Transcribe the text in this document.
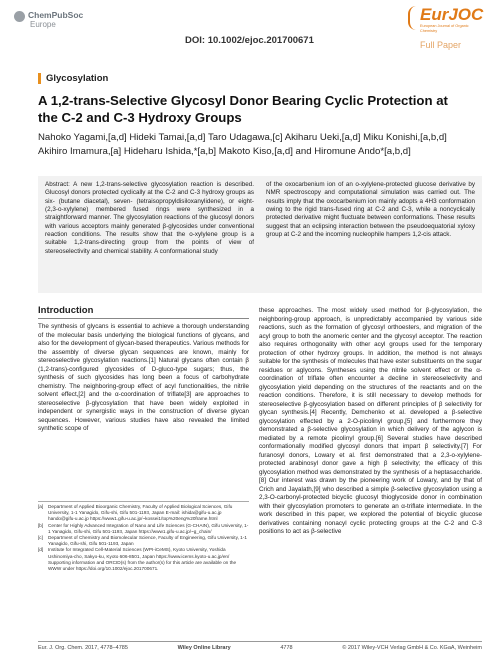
ChemPubSoc
Europe
DOI: 10.1002/ejoc.201700671
EurJOC
European Journal of Organic Chemistry
Full Paper
Glycosylation
A 1,2-trans-Selective Glycosyl Donor Bearing Cyclic Protection at the C-2 and C-3 Hydroxy Groups
Nahoko Yagami,[a,d] Hideki Tamai,[a,d] Taro Udagawa,[c] Akiharu Ueki,[a,d] Miku Konishi,[a,b,d] Akihiro Imamura,[a] Hideharu Ishida,*[a,b] Makoto Kiso,[a,d] and Hiromune Ando*[a,b,d]
Abstract: A new 1,2-trans-selective glycosylation reaction is described. Glucosyl donors protected cyclically at the C-2 and C-3 hydroxy groups as six- (butane diacetal), seven- (tetraisopropyldisiloxanylidene), or eight- (2,3-o-xylylene) membered fused rings were synthesized in a straightforward manner. The glycosylation reactions of the glucosyl donors with various acceptors mainly generated β-glycosides under conventional reaction conditions. The results show that the o-xylylene group is a suitable 1,2-trans-directing group from the points of view of stereoselectivity and chemical stability. A conformational study
of the oxocarbenium ion of an o-xylylene-protected glucose derivative by NMR spectroscopy and computational simulation was carried out. The results imply that the oxocarbenium ion mainly adopts a 4H3 conformation owing to the rigid trans-fused ring at C-2 and C-3, while a noncyclically protected derivative might fluctuate between conformations. These results suggest that an eclipsing interaction between the pseudoequatorial xyloxy group at C-2 and the incoming nucleophile hampers 1,2-cis attack.
Introduction
The synthesis of glycans is essential to achieve a thorough understanding of the molecular basis underlying the biological functions of glycans, and also for the development of glycan-based therapeutics. Various methods for the assembly of diverse glycan sequences are known, mainly for stereoselective glycosylation reactions.[1] Natural glycans often contain β (1,2-trans)-configured glycosides of D-gluco-type sugars; thus, the synthesis of such glycosides has long been a focus of carbohydrate chemistry. The neighboring-group effect of acyl functionalities, the nitrile solvent effect,[2] and the α-coordination of triflate[3] are approaches to stereoselective β-glycosylation that have been widely exploited in independent or synergistic ways in the construction of diverse glycan sequences. However, various studies have also revealed the limited synthetic scope of
these approaches. The most widely used method for β-glycosylation, the neighboring-group approach, is unpredictably accompanied by various side reactions, such as the formation of glycosyl orthoesters, and migration of the acyl group to both the anomeric center and the glycosyl acceptor. The reaction also requires orthogonality with other acyl groups used for the temporary protection of other hydroxy groups. In addition, the method is not always suitable for the synthesis of molecules that have ester substituents on the sugar residues or aglycons. Syntheses using the nitrile solvent effect or the α-coordination of triflate often encounter a decline in stereoselectivity and glycosylation yield depending on the structures of the reactants and on the reaction conditions. Therefore, it is still necessary to develop methods for stereoselective β-glycosylation based on different principles of β selectivity for glycan synthesis.[4] Recently, Demchenko et al. developed a β-selective glycosylation effected by a 2-O-picolinyl group,[5] and furthermore they demonstrated a β-selective glycosylation in which delivery of the aglycon is mediated by a remote picolinyl group.[6] Several studies have described conformationally modified glycosyl donors that impart β selectivity.[7] For furanosyl donors, Lowary et al. first demonstrated that a 2,3-o-xylylene-protected arabinosyl donor gave a high β selectivity; the efficacy of this glycosylation method was demonstrated by the synthesis of a heptasaccharide.[8] Our interest was drawn by the pioneering work of Lowary, and by that of Crich and Jayalath,[9] who described a simple β-selective glycosylation using a 2,3-O-carbonyl-protected bicyclic glucosyl thioglycoside donor in combination with their glycosylation promoters to generate an α-triflate intermediate. In the work described in this paper, we explored the potential of bicyclic glucose derivatives containing nonacyl cyclic protecting groups at the C-2 and C-3 positions to act as β-selective
[a]	Department of Applied Bioorganic Chemistry, Faculty of Applied Biological Sciences, Gifu University, 1-1 Yanagido, Gifu-shi, Gifu 501-1193, Japan E-mail: ishida@gifu-u.ac.jp hando@gifu-u.ac.jp https://www1.gifu-u.ac.jp/~kossei1/top%20eng%20frame.html
[b]	Center for Highly Advanced Integration of Nano and Life Sciences (G-CHAIN), Gifu University, 1-1 Yanagido, Gifu-shi, Gifu 501-1193, Japan https://www1.gifu-u.ac.jp/~g_chain/
[c]	Department of Chemistry and Biomolecular Science, Faculty of Engineering, Gifu University, 1-1 Yanagido, Gifu-shi, Gifu 501-1193, Japan
[d]	Institute for Integrated Cell-Material Sciences (WPI-iCeMS), Kyoto University, Yoshida Ushinomiya-cho, Sakyo-ku, Kyoto 606-8501, Japan https://www.icems.kyoto-u.ac.jp/en/
Supporting information and ORCID(s) from the author(s) for this article are available on the WWW under https://doi.org/10.1002/ejoc.201700671.
Eur. J. Org. Chem. 2017, 4778–4785	Wiley Online Library	4778	© 2017 Wiley-VCH Verlag GmbH & Co. KGaA, Weinheim
